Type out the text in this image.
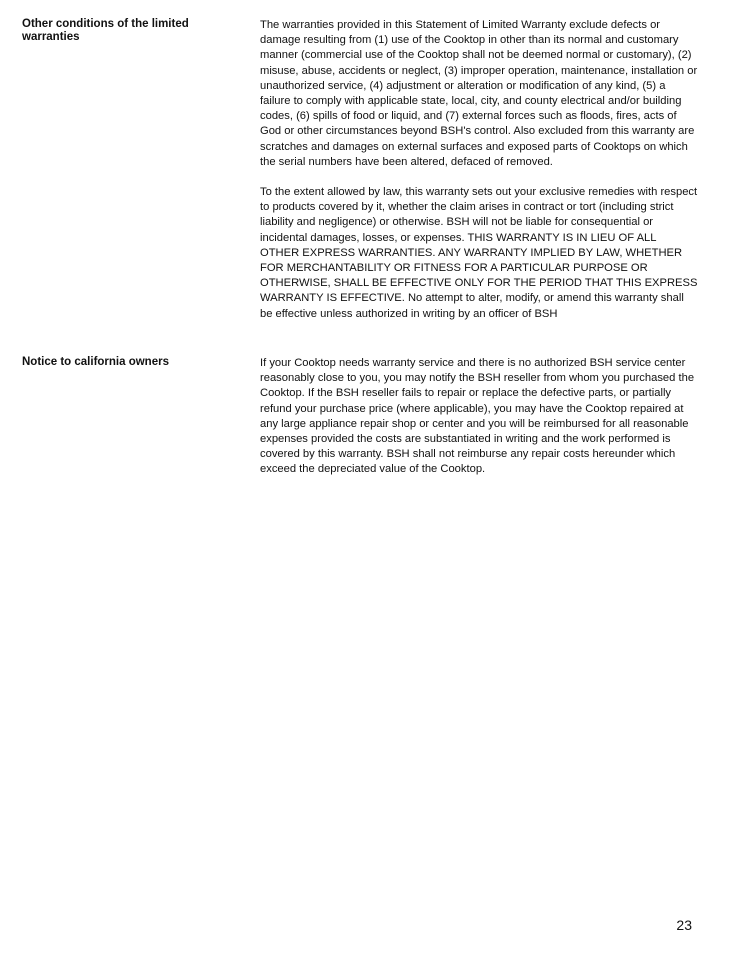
Other conditions of the limited warranties

The warranties provided in this Statement of Limited Warranty exclude defects or damage resulting from (1) use of the Cooktop in other than its normal and customary manner (commercial use of the Cooktop shall not be deemed normal or customary), (2) misuse, abuse, accidents or neglect, (3) improper operation, maintenance, installation or unauthorized service, (4) adjustment or alteration or modification of any kind, (5) a failure to comply with applicable state, local, city, and county electrical and/or building codes, (6) spills of food or liquid, and (7) external forces such as floods, fires, acts of God or other circumstances beyond BSH's control. Also excluded from this warranty are scratches and damages on external surfaces and exposed parts of Cooktops on which the serial numbers have been altered, defaced of removed.

To the extent allowed by law, this warranty sets out your exclusive remedies with respect to products covered by it, whether the claim arises in contract or tort (including strict liability and negligence) or otherwise. BSH will not be liable for consequential or incidental damages, losses, or expenses. THIS WARRANTY IS IN LIEU OF ALL OTHER EXPRESS WARRANTIES. ANY WARRANTY IMPLIED BY LAW, WHETHER FOR MERCHANTABILITY OR FITNESS FOR A PARTICULAR PURPOSE OR OTHERWISE, SHALL BE EFFECTIVE ONLY FOR THE PERIOD THAT THIS EXPRESS WARRANTY IS EFFECTIVE. No attempt to alter, modify, or amend this warranty shall be effective unless authorized in writing by an officer of BSH

Notice to california owners	If your Cooktop needs warranty service and there is no authorized BSH service center reasonably close to you, you may notify the BSH reseller from whom you purchased the Cooktop. If the BSH reseller fails to repair or replace the defective parts, or partially refund your purchase price (where applicable), you may have the Cooktop repaired at any large appliance repair shop or center and you will be reimbursed for all reasonable expenses provided the costs are substantiated in writing and the work performed is covered by this warranty. BSH shall not reimburse any repair costs hereunder which exceed the depreciated value of the Cooktop.

23
